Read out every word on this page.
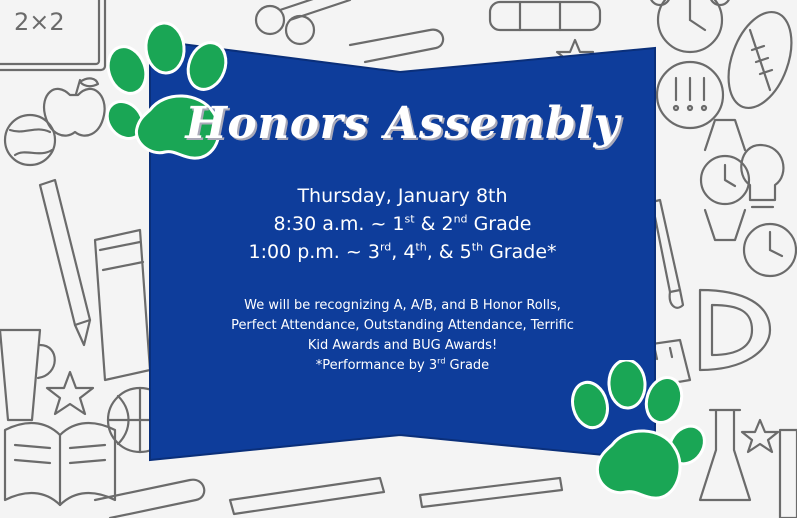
2×2
Honors Assembly
Thursday, January 8th
8:30 a.m. ~ 1st & 2nd Grade
1:00 p.m. ~ 3rd, 4th, & 5th Grade*
We will be recognizing A, A/B, and B Honor Rolls,
Perfect Attendance, Outstanding Attendance, Terrific
Kid Awards and BUG Awards!
*Performance by 3rd Grade
